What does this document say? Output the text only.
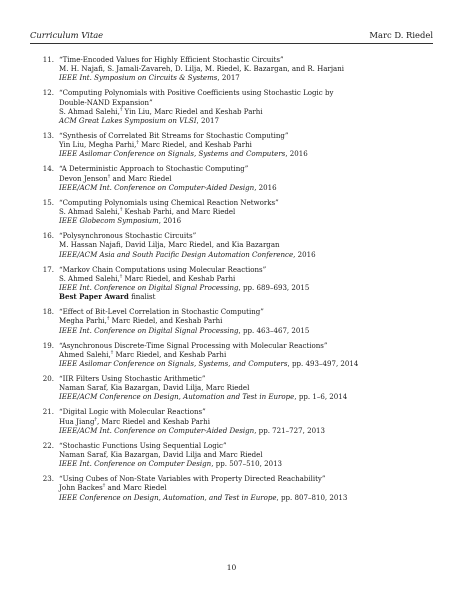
Curriculum Vitae	Marc D. Riedel
11. “Time-Encoded Values for Highly Efficient Stochastic Circuits”
M. H. Najafi, S. Jamali-Zavareh, D. Lilja, M. Riedel, K. Bazargan, and R. Harjani
IEEE Int. Symposium on Circuits & Systems, 2017
12. “Computing Polynomials with Positive Coefficients using Stochastic Logic by
Double-NAND Expansion”
S. Ahmad Salehi,† Yin Liu, Marc Riedel and Keshab Parhi
ACM Great Lakes Symposium on VLSI, 2017
13. “Synthesis of Correlated Bit Streams for Stochastic Computing”
Yin Liu, Megha Parhi,† Marc Riedel, and Keshab Parhi
IEEE Asilomar Conference on Signals, Systems and Computers, 2016
14. “A Deterministic Approach to Stochastic Computing”
Devon Jenson† and Marc Riedel
IEEE/ACM Int. Conference on Computer-Aided Design, 2016
15. “Computing Polynomials using Chemical Reaction Networks”
S. Ahmad Salehi,† Keshab Parhi, and Marc Riedel
IEEE Globecom Symposium, 2016
16. “Polysynchronous Stochastic Circuits”
M. Hassan Najafi, David Lilja, Marc Riedel, and Kia Bazargan
IEEE/ACM Asia and South Pacific Design Automation Conference, 2016
17. “Markov Chain Computations using Molecular Reactions”
S. Ahmed Salehi,† Marc Riedel, and Keshab Parhi
IEEE Int. Conference on Digital Signal Processing, pp. 689–693, 2015
Best Paper Award finalist
18. “Effect of Bit-Level Correlation in Stochastic Computing”
Megha Parhi,† Marc Riedel, and Keshab Parhi
IEEE Int. Conference on Digital Signal Processing, pp. 463–467, 2015
19. “Asynchronous Discrete-Time Signal Processing with Molecular Reactions”
Ahmed Salehi,† Marc Riedel, and Keshab Parhi
IEEE Asilomar Conference on Signals, Systems, and Computers, pp. 493–497, 2014
20. “IIR Filters Using Stochastic Arithmetic”
Naman Saraf, Kia Bazargan, David Lilja, Marc Riedel
IEEE/ACM Conference on Design, Automation and Test in Europe, pp. 1–6, 2014
21. “Digital Logic with Molecular Reactions”
Hua Jiang†, Marc Riedel and Keshab Parhi
IEEE/ACM Int. Conference on Computer-Aided Design, pp. 721–727, 2013
22. “Stochastic Functions Using Sequential Logic”
Naman Saraf, Kia Bazargan, David Lilja and Marc Riedel
IEEE Int. Conference on Computer Design, pp. 507–510, 2013
23. “Using Cubes of Non-State Variables with Property Directed Reachability”
John Backes† and Marc Riedel
IEEE Conference on Design, Automation, and Test in Europe, pp. 807–810, 2013
10
